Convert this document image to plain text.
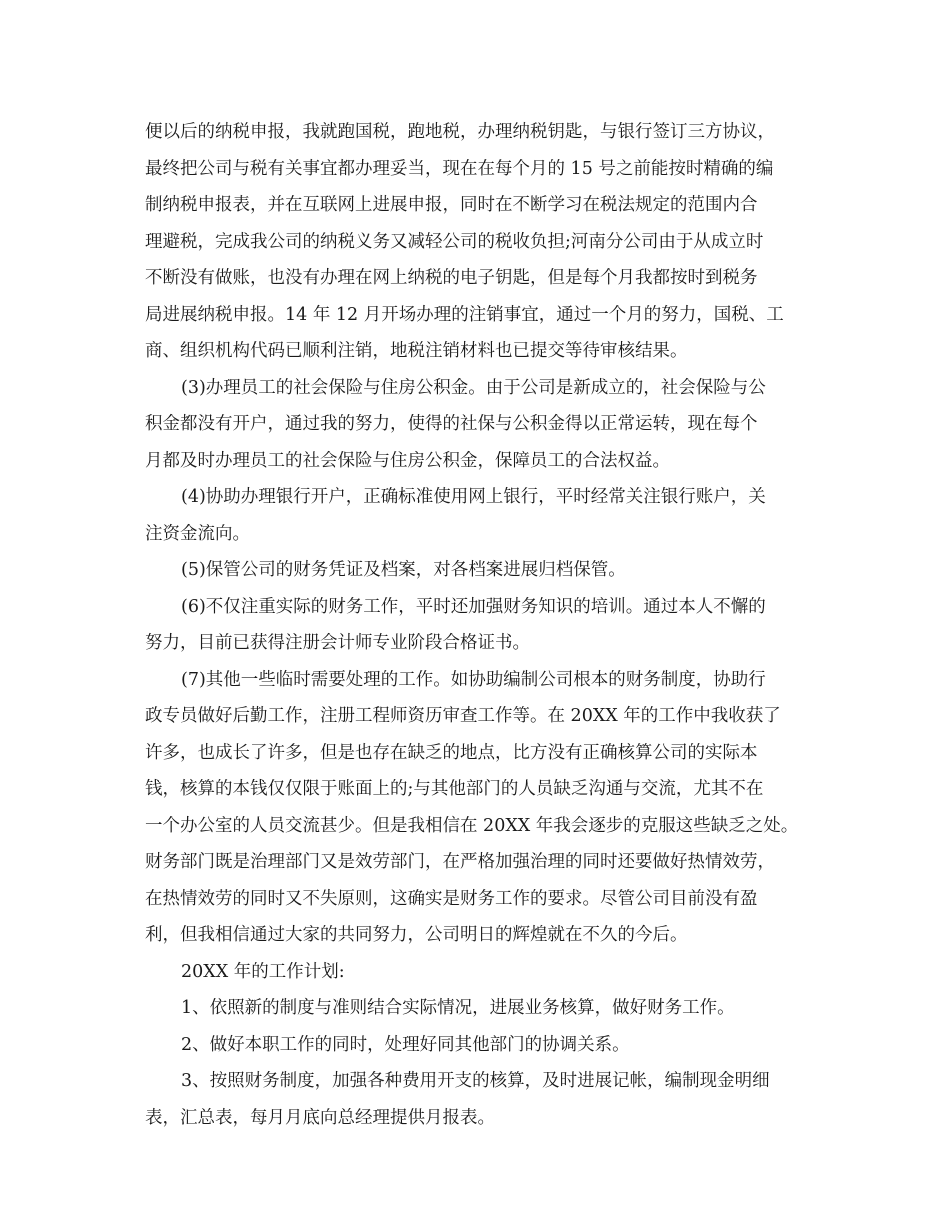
便以后的纳税申报，我就跑国税，跑地税，办理纳税钥匙，与银行签订三方协议，
最终把公司与税有关事宜都办理妥当，现在在每个月的 15 号之前能按时精确的编
制纳税申报表，并在互联网上进展申报，同时在不断学习在税法规定的范围内合
理避税，完成我公司的纳税义务又减轻公司的税收负担;河南分公司由于从成立时
不断没有做账，也没有办理在网上纳税的电子钥匙，但是每个月我都按时到税务
局进展纳税申报。14 年 12 月开场办理的注销事宜，通过一个月的努力，国税、工
商、组织机构代码已顺利注销，地税注销材料也已提交等待审核结果。
(3)办理员工的社会保险与住房公积金。由于公司是新成立的，社会保险与公
积金都没有开户，通过我的努力，使得的社保与公积金得以正常运转，现在每个
月都及时办理员工的社会保险与住房公积金，保障员工的合法权益。
(4)协助办理银行开户，正确标准使用网上银行，平时经常关注银行账户，关
注资金流向。
(5)保管公司的财务凭证及档案，对各档案进展归档保管。
(6)不仅注重实际的财务工作，平时还加强财务知识的培训。通过本人不懈的
努力，目前已获得注册会计师专业阶段合格证书。
(7)其他一些临时需要处理的工作。如协助编制公司根本的财务制度，协助行
政专员做好后勤工作，注册工程师资历审查工作等。在 20XX 年的工作中我收获了
许多，也成长了许多，但是也存在缺乏的地点，比方没有正确核算公司的实际本
钱，核算的本钱仅仅限于账面上的;与其他部门的人员缺乏沟通与交流，尤其不在
一个办公室的人员交流甚少。但是我相信在 20XX 年我会逐步的克服这些缺乏之处。
财务部门既是治理部门又是效劳部门，在严格加强治理的同时还要做好热情效劳，
在热情效劳的同时又不失原则，这确实是财务工作的要求。尽管公司目前没有盈
利，但我相信通过大家的共同努力，公司明日的辉煌就在不久的今后。
20XX 年的工作计划:
1、依照新的制度与准则结合实际情况，进展业务核算，做好财务工作。
2、做好本职工作的同时，处理好同其他部门的协调关系。
3、按照财务制度，加强各种费用开支的核算，及时进展记帐，编制现金明细
表，汇总表，每月月底向总经理提供月报表。
